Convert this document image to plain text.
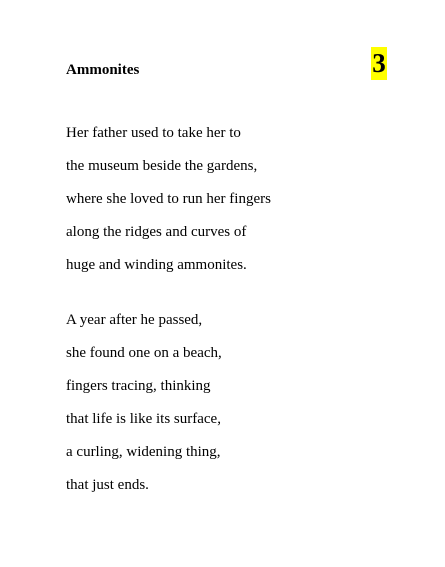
Ammonites	3
Her father used to take her to
the museum beside the gardens,
where she loved to run her fingers
along the ridges and curves of
huge and winding ammonites.
A year after he passed,
she found one on a beach,
fingers tracing, thinking
that life is like its surface,
a curling, widening thing,
that just ends.
